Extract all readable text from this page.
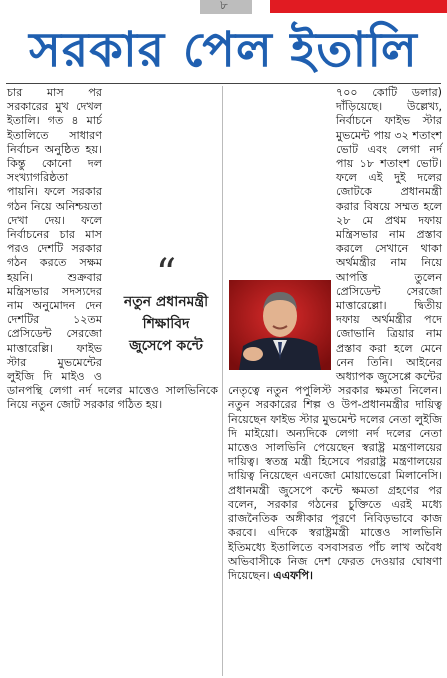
৮
সরকার পেল ইতালি

চার মাস পর সরকারের মুখ দেখল ইতালি। গত ৪ মার্চ ইতালিতে সাধারণ নির্বাচন অনুষ্ঠিত হয়। কিন্তু কোনো দল সংখ্যাগরিষ্ঠতা পায়নি। ফলে সরকার গঠন নিয়ে অনিশ্চয়তা দেখা দেয়। ফলে নির্বাচনের চার মাস পরও দেশটি সরকার গঠন করতে সক্ষম হয়নি। শুক্রবার মন্ত্রিসভার সদস্যদের নাম অনুমোদন দেন দেশটির ১২তম প্রেসিডেন্ট সেরজো মাত্তারেল্লি। ফাইভ স্টার মুভমেন্টের লুইজি দি মাইও ও ডানপন্থি লেগা নর্দ দলের মাত্তেও সালভিনিকে নিয়ে নতুন জোট সরকার গঠিত হয়।

৭০০ কোটি ডলার) দাঁড়িয়েছে। উল্লেখ্য, নির্বাচনে ফাইভ স্টার মুভমেন্ট পায় ৩২ শতাংশ ভোট এবং লেগা নর্দ পায় ১৮ শতাংশ ভোট। ফলে এই দুই দলের জোটকে প্রধানমন্ত্রী করার বিষয়ে সম্মত হলে ২৮ মে প্রথম দফায় মন্ত্রিসভার নাম প্রস্তাব করলে সেখানে থাকা অর্থমন্ত্রীর নাম নিয়ে আপত্তি তুলেন প্রেসিডেন্ট সেরজো মাত্তারেল্লো। দ্বিতীয় দফায় অর্থমন্ত্রীর পদে জোভানি ত্রিয়ার নাম প্রস্তাব করা হলে মেনে নেন তিনি। আইনের অধ্যাপক জুসেপ্পে কন্টের নেতৃত্বে নতুন পপুলিস্ট সরকার ক্ষমতা নিলেন। নতুন সরকারের শিল্প ও উপ-প্রধানমন্ত্রীর দায়িত্ব নিয়েছেন ফাইভ স্টার মুভমেন্ট দলের নেতা লুইজি দি মাইয়ো। অন্যদিকে লেগা নর্দ দলের নেতা মাত্তেও সালভিনি পেয়েছেন স্বরাষ্ট্র মন্ত্রণালয়ের দায়িত্ব। স্বতন্ত্র মন্ত্রী হিসেবে পররাষ্ট্র মন্ত্রণালয়ের দায়িত্ব নিয়েছেন এনজো মোয়াভেরো মিলানেসি। প্রধানমন্ত্রী জুসেপে কন্টে ক্ষমতা গ্রহণের পর বলেন, সরকার গঠনের চুক্তিতে এরই মধ্যে রাজনৈতিক অঙ্গীকার পূরণে নিবিড়ভাবে কাজ করবে। এদিকে স্বরাষ্ট্রমন্ত্রী মাত্তেও সালভিনি ইতিমধ্যে ইতালিতে বসবাসরত পাঁচ লাখ অবৈধ অভিবাসীকে নিজ দেশ ফেরত দেওয়ার ঘোষণা দিয়েছেন। এএফপি।

“
নতুন প্রধানমন্ত্রী
শিক্ষাবিদ
জুসেপে কন্টে
